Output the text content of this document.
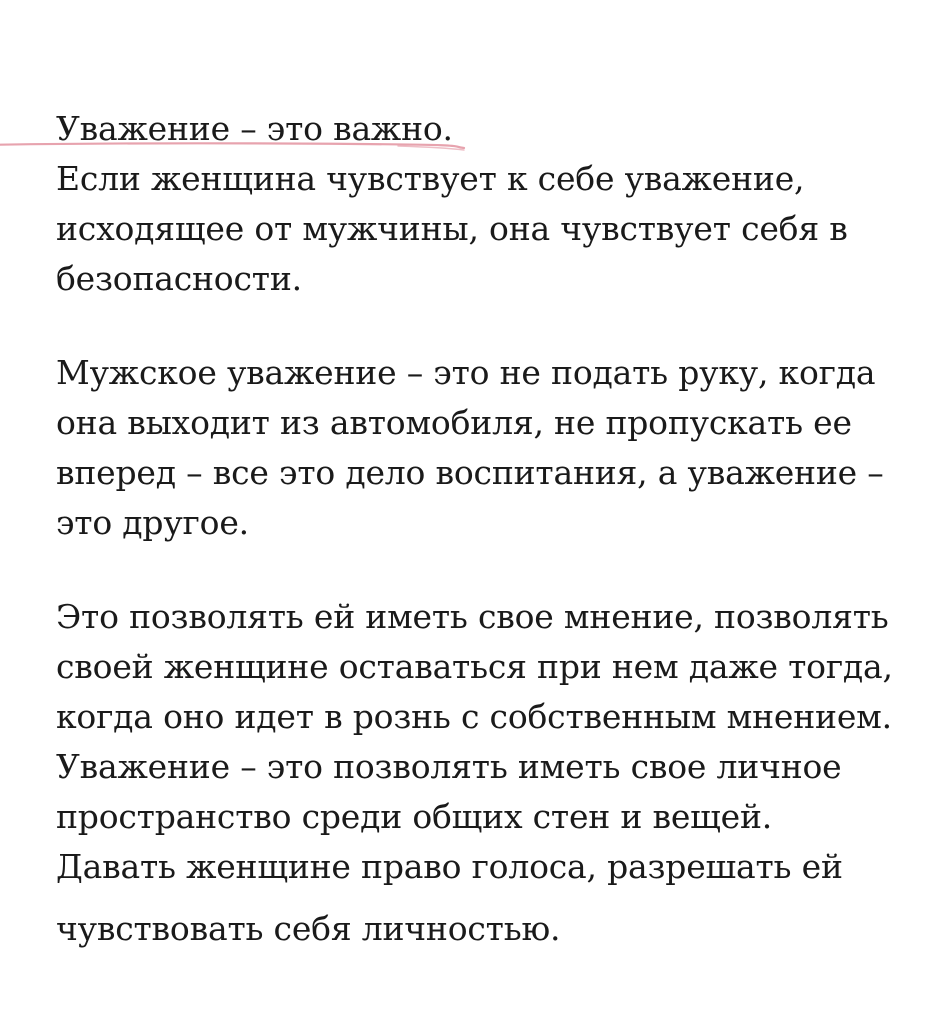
Уважение – это важно.
Если женщина чувствует к себе уважение,
исходящее от мужчины, она чувствует себя в
безопасности.
Мужское уважение – это не подать руку, когда
она выходит из автомобиля, не пропускать ее
вперед – все это дело воспитания, а уважение –
это другое.
Это позволять ей иметь свое мнение, позволять
своей женщине оставаться при нем даже тогда,
когда оно идет в рознь с собственным мнением.
Уважение – это позволять иметь свое личное
пространство среди общих стен и вещей.
Давать женщине право голоса, разрешать ей
чувствовать себя личностью.
